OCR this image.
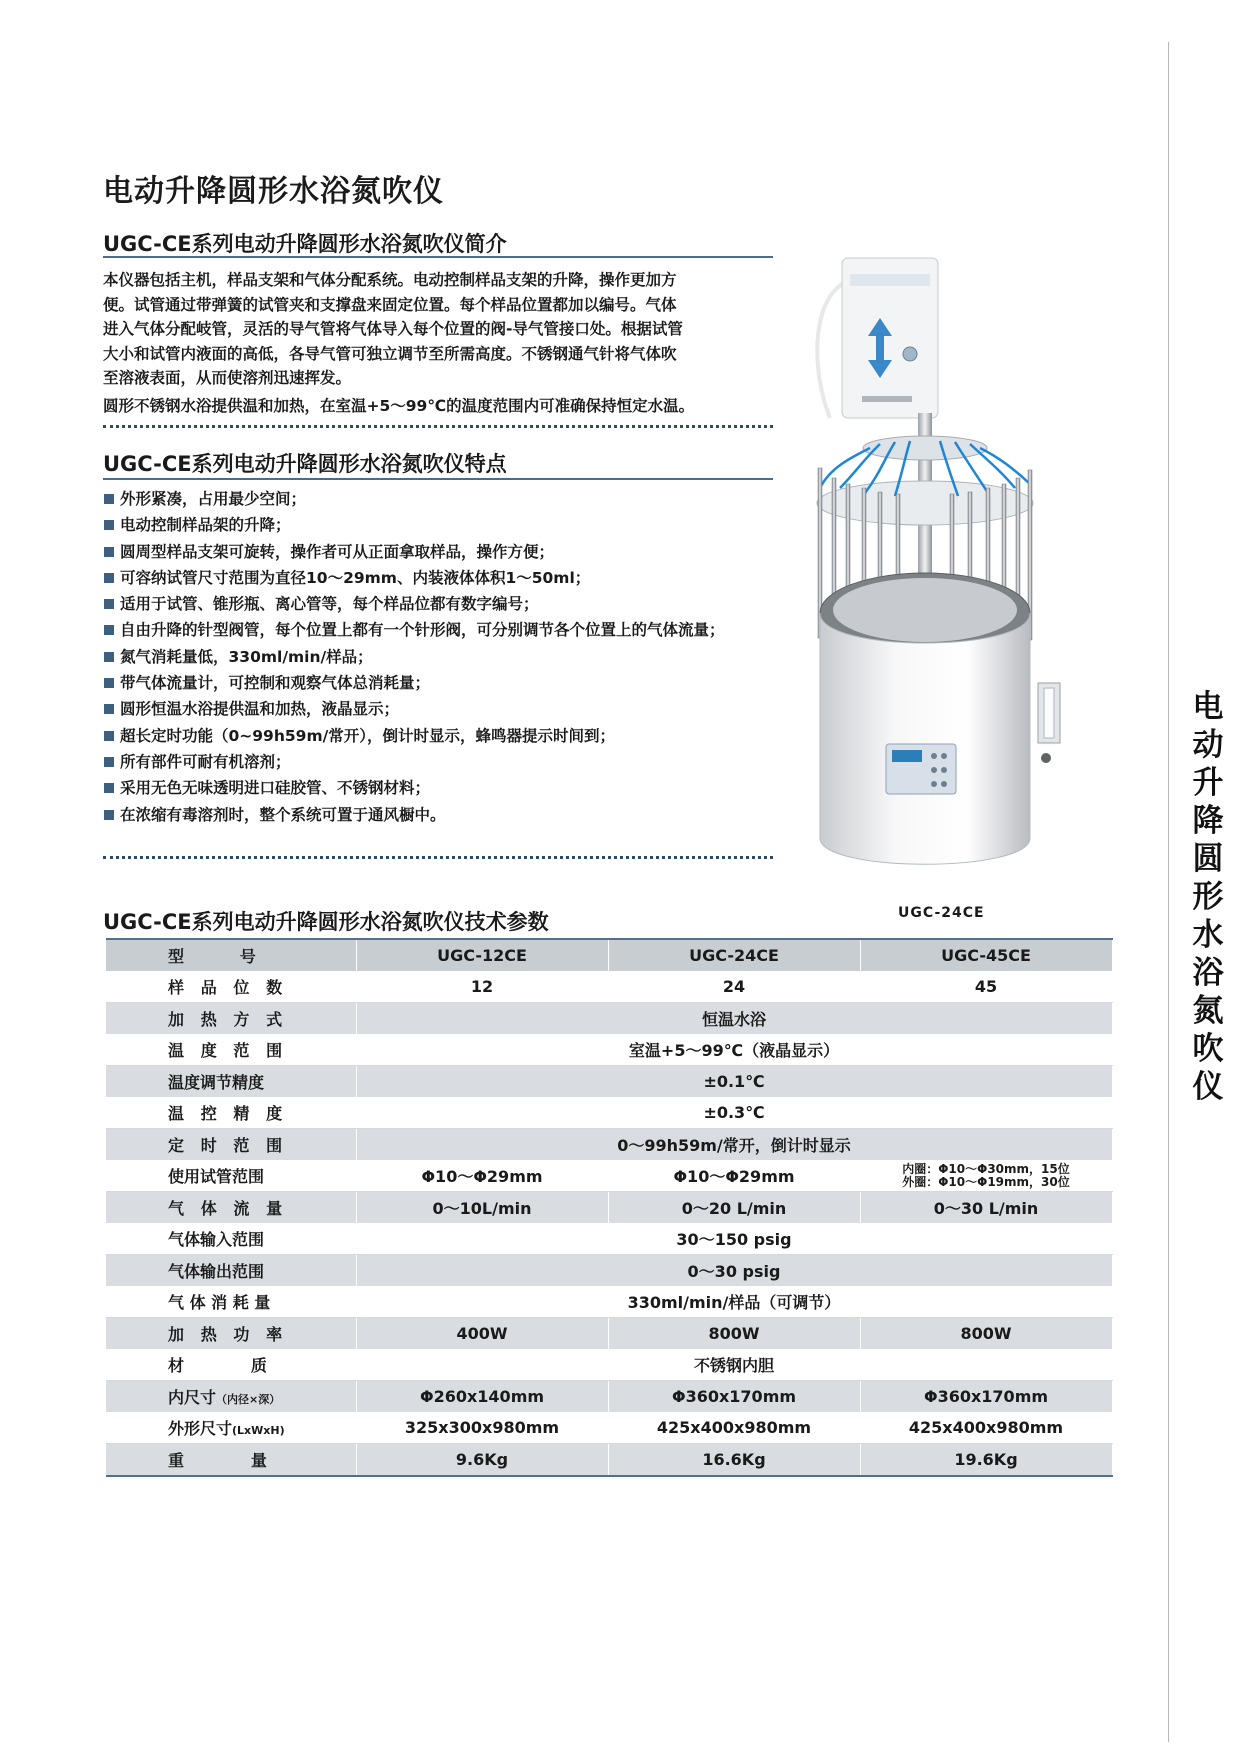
电动升降圆形水浴氮吹仪
电动升降圆形水浴氮吹仪
UGC-CE系列电动升降圆形水浴氮吹仪简介
本仪器包括主机，样品支架和气体分配系统。电动控制样品支架的升降，操作更加方
便。试管通过带弹簧的试管夹和支撑盘来固定位置。每个样品位置都加以编号。气体
进入气体分配岐管，灵活的导气管将气体导入每个位置的阀-导气管接口处。根据试管
大小和试管内液面的高低，各导气管可独立调节至所需高度。不锈钢通气针将气体吹
至溶液表面，从而使溶剂迅速挥发。
圆形不锈钢水浴提供温和加热，在室温+5～99℃的温度范围内可准确保持恒定水温。
UGC-CE系列电动升降圆形水浴氮吹仪特点
外形紧凑，占用最少空间；
电动控制样品架的升降；
圆周型样品支架可旋转，操作者可从正面拿取样品，操作方便；
可容纳试管尺寸范围为直径10～29mm、内装液体体积1～50ml；
适用于试管、锥形瓶、离心管等，每个样品位都有数字编号；
自由升降的针型阀管，每个位置上都有一个针形阀，可分别调节各个位置上的气体流量；
氮气消耗量低，330ml/min/样品；
带气体流量计，可控制和观察气体总消耗量；
圆形恒温水浴提供温和加热，液晶显示；
超长定时功能（0~99h59m/常开），倒计时显示，蜂鸣器提示时间到；
所有部件可耐有机溶剂；
采用无色无味透明进口硅胶管、不锈钢材料；
在浓缩有毒溶剂时，整个系统可置于通风橱中。
UGC-24CE
UGC-CE系列电动升降圆形水浴氮吹仪技术参数
型          号	UGC-12CE	UGC-24CE	UGC-45CE
样   品   位   数	12	24	45
加   热   方   式	恒温水浴		
温   度   范   围	室温+5～99℃（液晶显示）		
温度调节精度	±0.1℃		
温   控   精   度	±0.3℃		
定   时   范   围	0～99h59m/常开，倒计时显示		
使用试管范围	Φ10～Φ29mm	Φ10～Φ29mm	内圈：Φ10～Φ30mm，15位
外圈：Φ10～Φ19mm，30位

气   体   流   量	0～10L/min	0～20 L/min	0～30 L/min
气体输入范围	30～150 psig		
气体输出范围	0～30 psig		
气 体 消 耗 量	330ml/min/样品（可调节）		
加   热   功   率	400W	800W	800W
材            质	不锈钢内胆		
内尺寸（内径×深）	Φ260x140mm	Φ360x170mm	Φ360x170mm
外形尺寸(LxWxH)	325x300x980mm	425x400x980mm	425x400x980mm
重            量	9.6Kg	16.6Kg	19.6Kg
